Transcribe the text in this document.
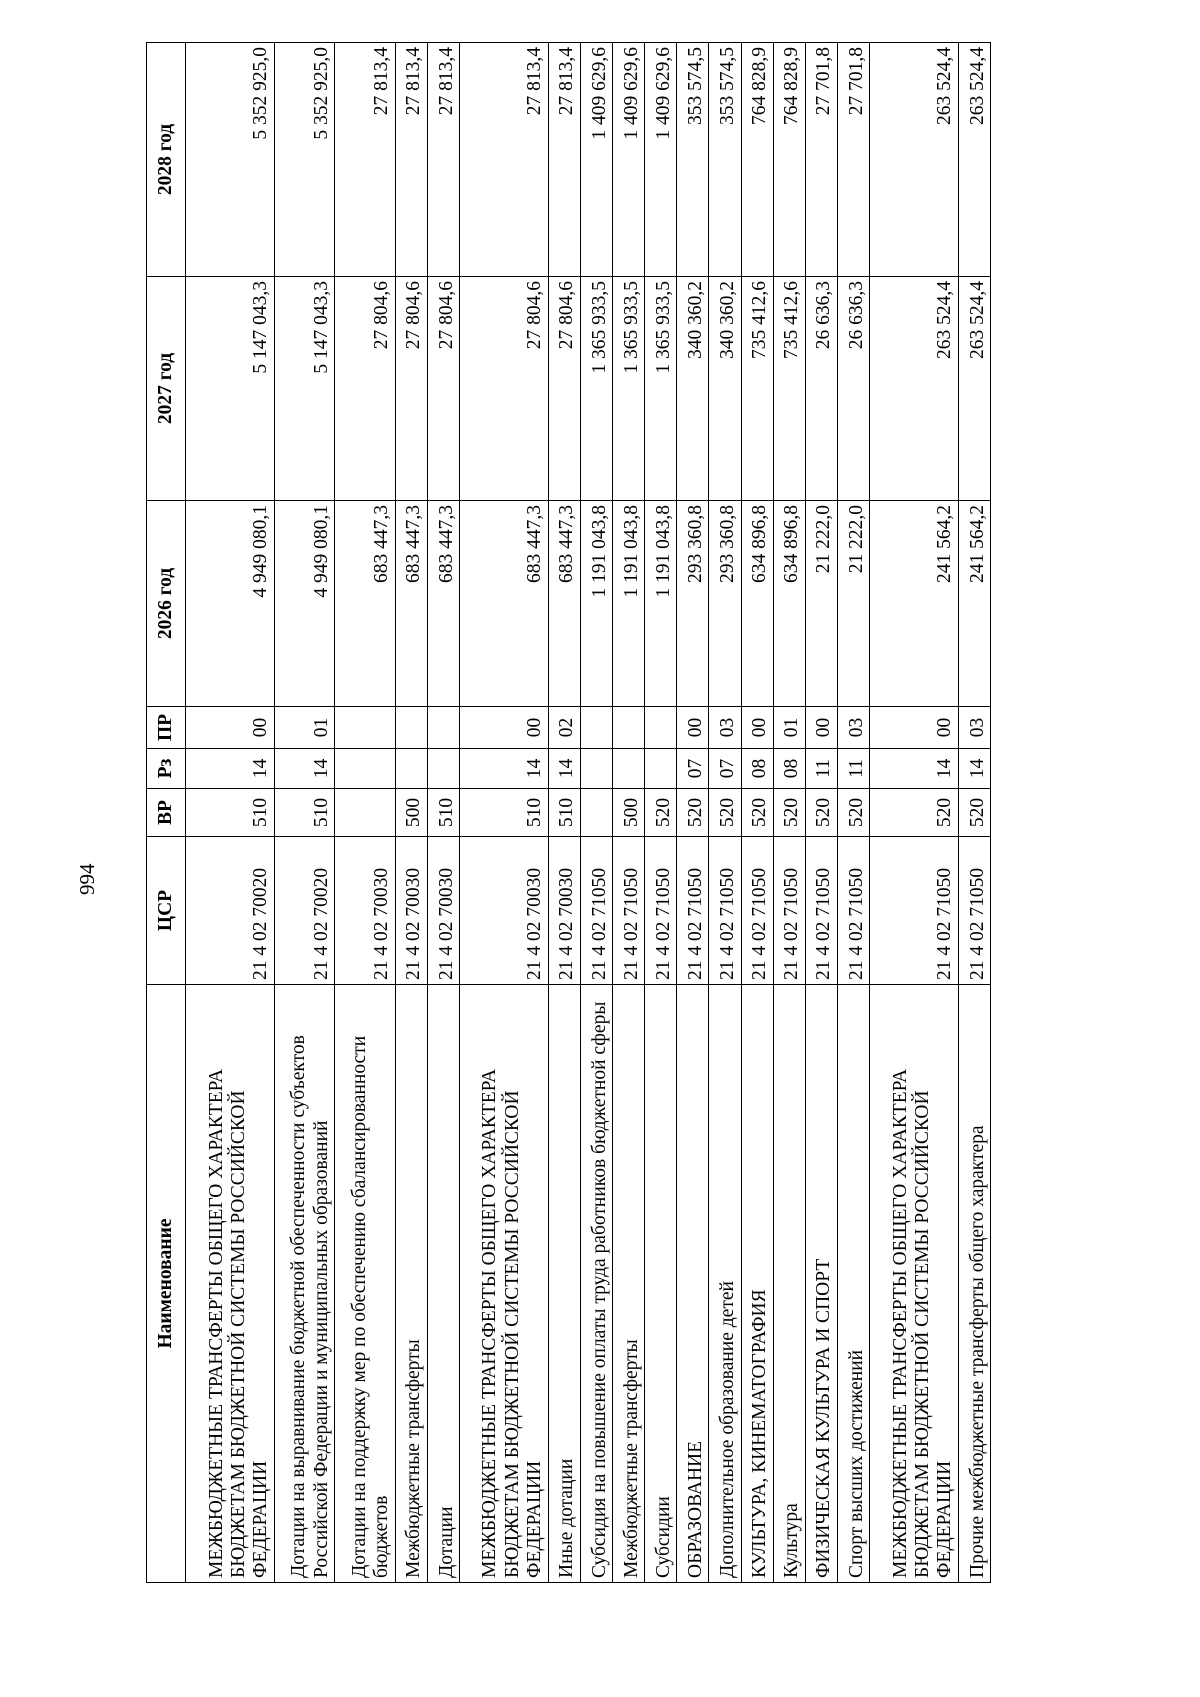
994
Наименование	ЦСР	ВР	Рз	ПР	2026 год	2027 год	2028 год
МЕЖБЮДЖЕТНЫЕ ТРАНСФЕРТЫ ОБЩЕГО ХАРАКТЕРА БЮДЖЕТАМ БЮДЖЕТНОЙ СИСТЕМЫ РОССИЙСКОЙ ФЕДЕРАЦИИ	21 4 02 70020	510	14	00	4 949 080,1	5 147 043,3	5 352 925,0
Дотации на выравнивание бюджетной обеспеченности субъектов Российской Федерации и муниципальных образований	21 4 02 70020	510	14	01	4 949 080,1	5 147 043,3	5 352 925,0
Дотации на поддержку мер по обеспечению сбалансированности бюджетов	21 4 02 70030				683 447,3	27 804,6	27 813,4
Межбюджетные трансферты	21 4 02 70030	500			683 447,3	27 804,6	27 813,4
Дотации	21 4 02 70030	510			683 447,3	27 804,6	27 813,4
МЕЖБЮДЖЕТНЫЕ ТРАНСФЕРТЫ ОБЩЕГО ХАРАКТЕРА БЮДЖЕТАМ БЮДЖЕТНОЙ СИСТЕМЫ РОССИЙСКОЙ ФЕДЕРАЦИИ	21 4 02 70030	510	14	00	683 447,3	27 804,6	27 813,4
Иные дотации	21 4 02 70030	510	14	02	683 447,3	27 804,6	27 813,4
Субсидия на повышение оплаты труда работников бюджетной сферы	21 4 02 71050				1 191 043,8	1 365 933,5	1 409 629,6
Межбюджетные трансферты	21 4 02 71050	500			1 191 043,8	1 365 933,5	1 409 629,6
Субсидии	21 4 02 71050	520			1 191 043,8	1 365 933,5	1 409 629,6
ОБРАЗОВАНИЕ	21 4 02 71050	520	07	00	293 360,8	340 360,2	353 574,5
Дополнительное образование детей	21 4 02 71050	520	07	03	293 360,8	340 360,2	353 574,5
КУЛЬТУРА, КИНЕМАТОГРАФИЯ	21 4 02 71050	520	08	00	634 896,8	735 412,6	764 828,9
Культура	21 4 02 71050	520	08	01	634 896,8	735 412,6	764 828,9
ФИЗИЧЕСКАЯ КУЛЬТУРА И СПОРТ	21 4 02 71050	520	11	00	21 222,0	26 636,3	27 701,8
Спорт высших достижений	21 4 02 71050	520	11	03	21 222,0	26 636,3	27 701,8
МЕЖБЮДЖЕТНЫЕ ТРАНСФЕРТЫ ОБЩЕГО ХАРАКТЕРА БЮДЖЕТАМ БЮДЖЕТНОЙ СИСТЕМЫ РОССИЙСКОЙ ФЕДЕРАЦИИ	21 4 02 71050	520	14	00	241 564,2	263 524,4	263 524,4
Прочие межбюджетные трансферты общего характера	21 4 02 71050	520	14	03	241 564,2	263 524,4	263 524,4
